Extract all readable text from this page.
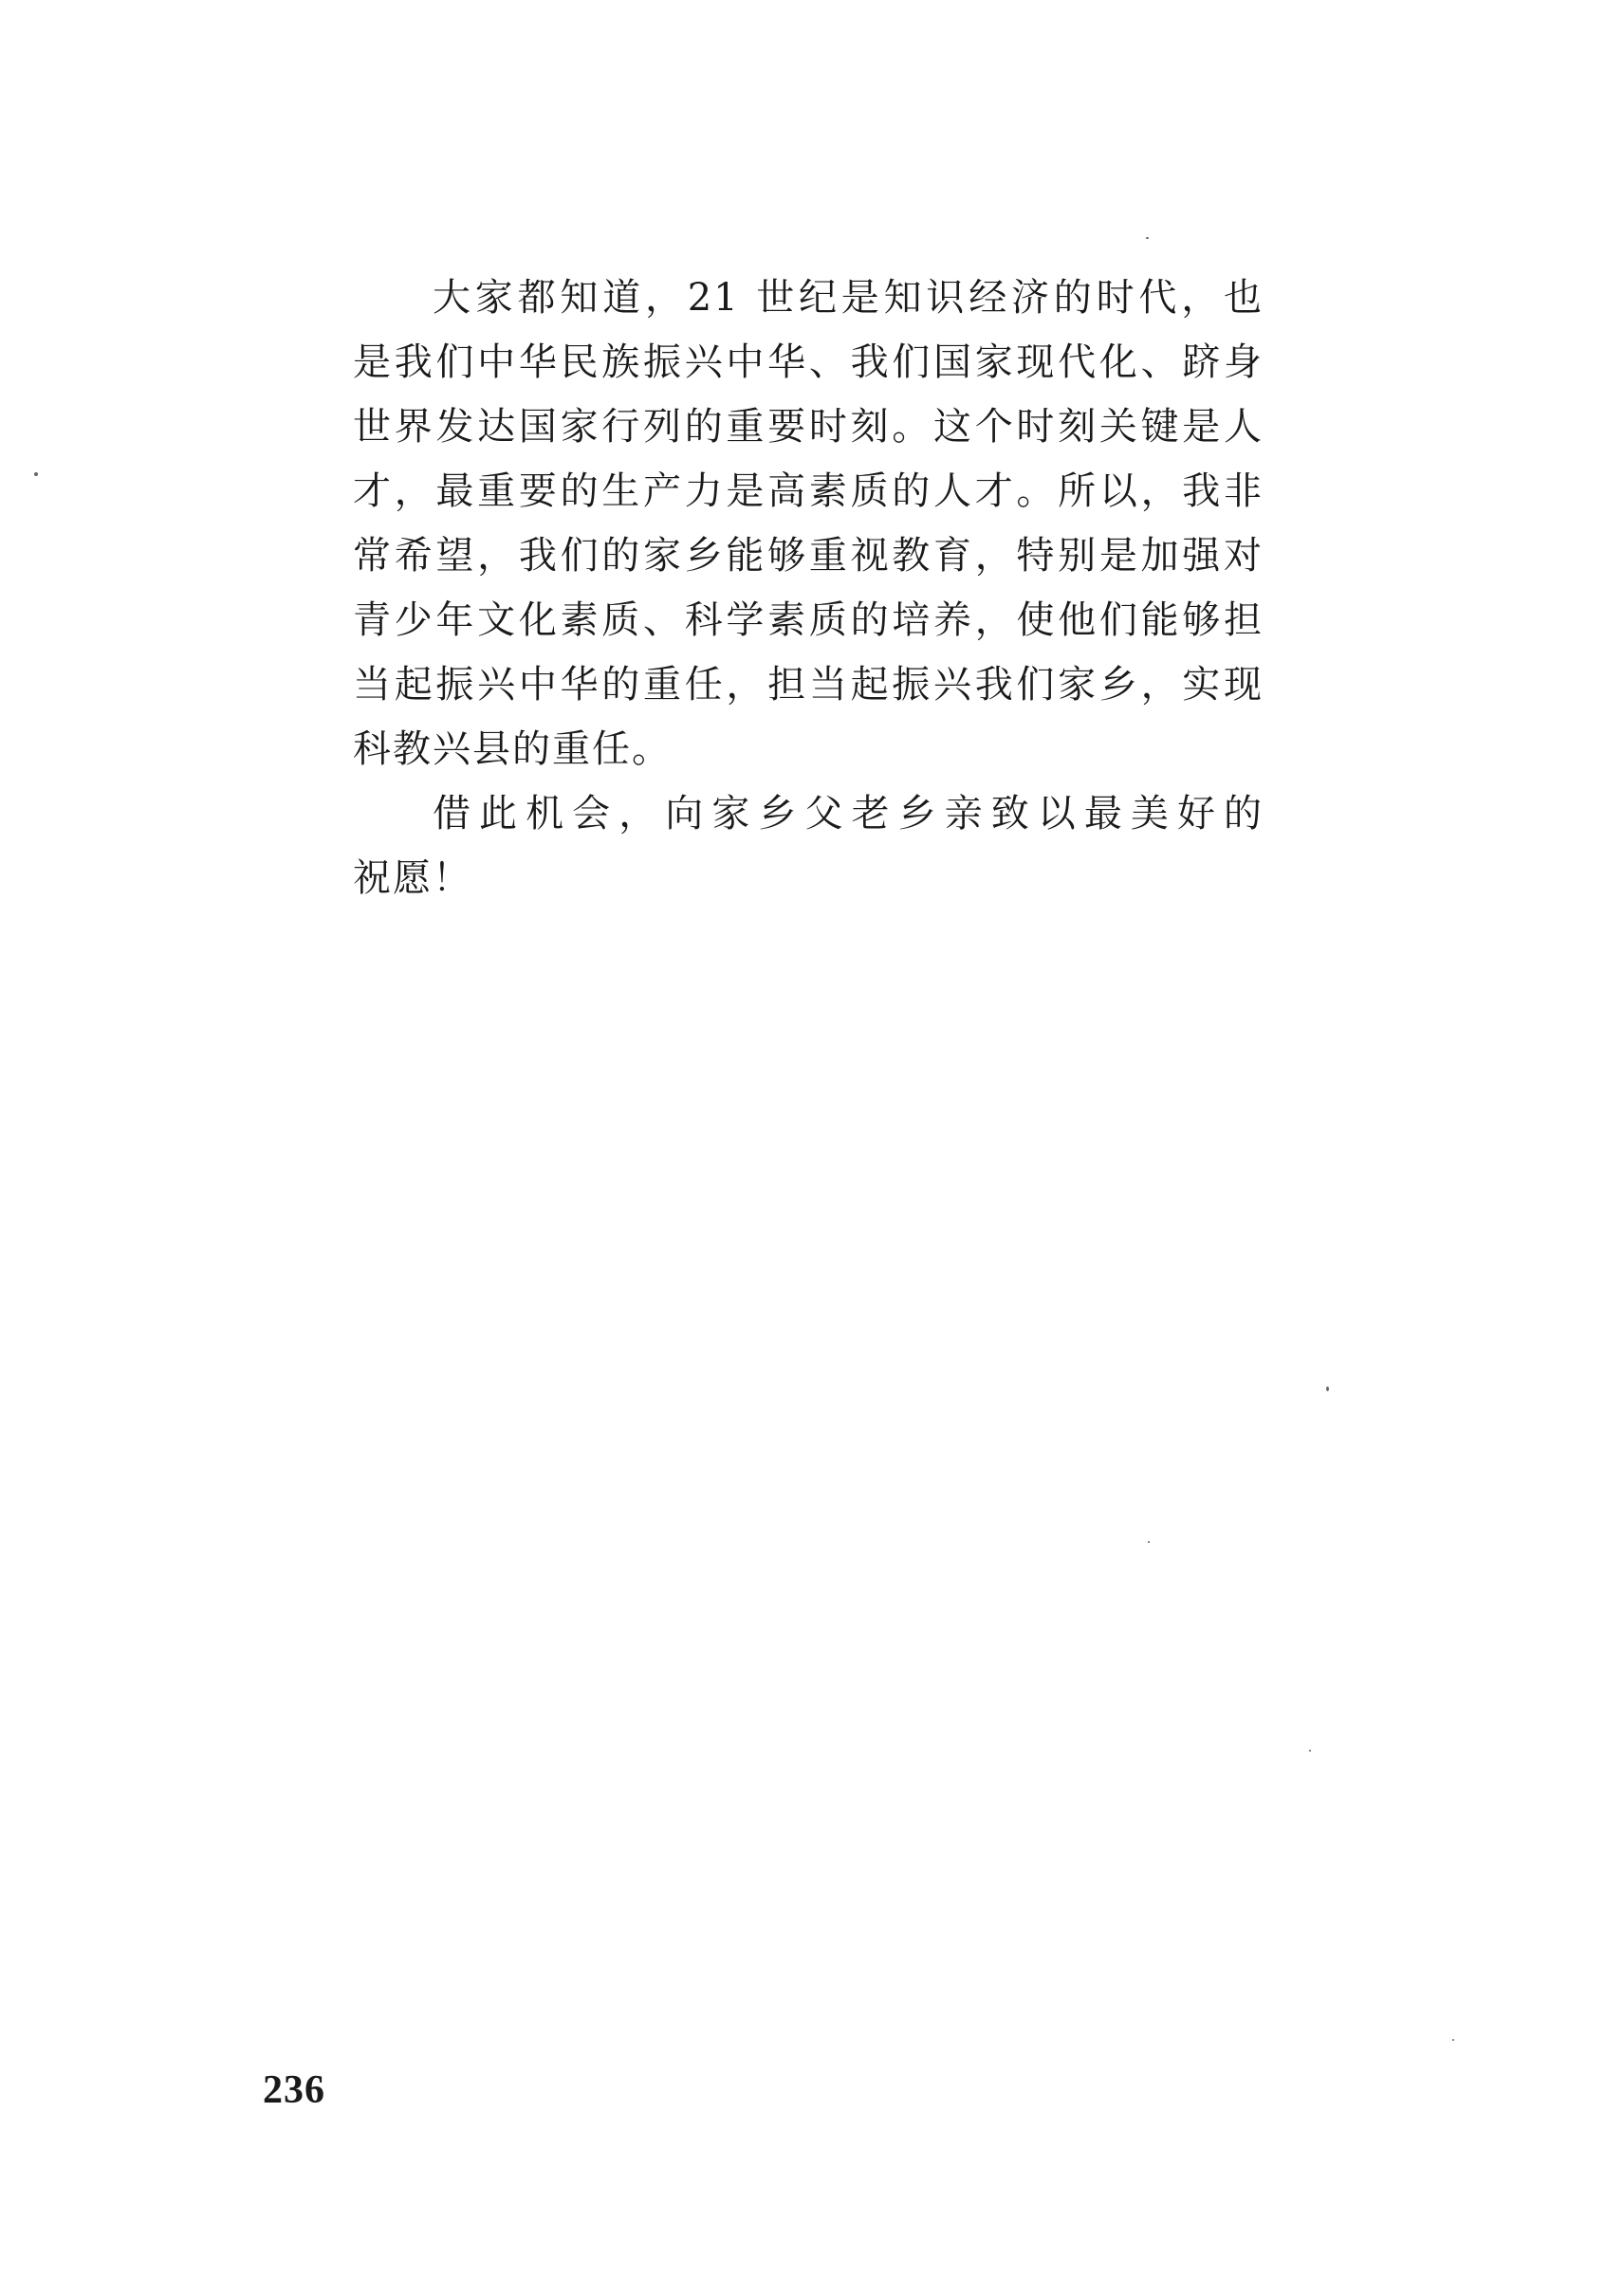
大家都知道，21 世纪是知识经济的时代，也
是我们中华民族振兴中华、我们国家现代化、跻身
世界发达国家行列的重要时刻。这个时刻关键是人
才，最重要的生产力是高素质的人才。所以，我非
常希望，我们的家乡能够重视教育，特别是加强对
青少年文化素质、科学素质的培养，使他们能够担
当起振兴中华的重任，担当起振兴我们家乡，实现
科教兴县的重任。
借此机会，向家乡父老乡亲致以最美好的
祝愿！
236
